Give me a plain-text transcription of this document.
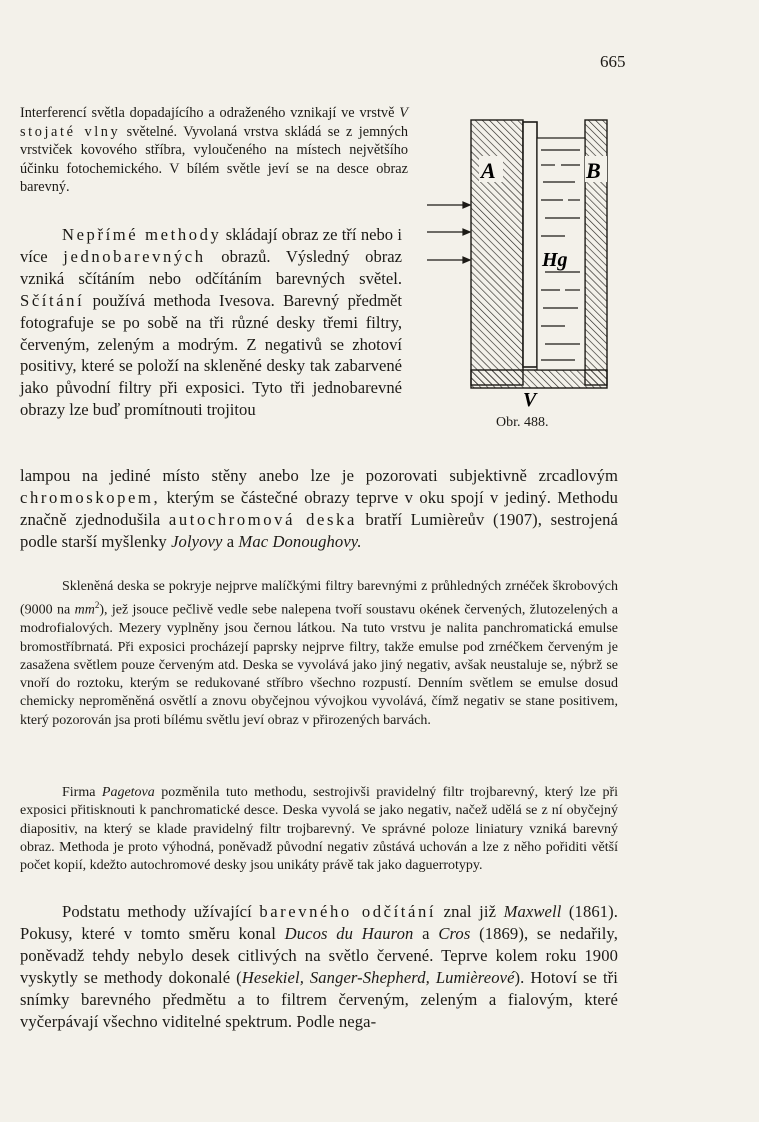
665
A	B
Hg
V
Obr. 488.

Interferencí světla dopadajícího a odraženého vznikají ve vrstvě V stojaté vlny světelné. Vyvolaná vrstva skládá se z jemných vrstviček kovového stříbra, vyloučeného na místech největšího účinku fotochemického. V bílém světle jeví se na desce obraz barevný.

Nepřímé methody skládají obraz ze tří nebo i více jednobarevných obrazů. Výsledný obraz vzniká sčítáním nebo odčítáním barevných světel. Sčítání používá methoda Ivesova. Barevný předmět fotografuje se po sobě na tři různé desky třemi filtry, červeným, zeleným a modrým. Z negativů se zhotoví positivy, které se položí na skleněné desky tak zabarvené jako původní filtry při exposici. Tyto tři jednobarevné obrazy lze buď promítnouti trojitou

lampou na jediné místo stěny anebo lze je pozorovati subjektivně zrcadlovým chromoskopem, kterým se částečné obrazy teprve v oku spojí v jediný. Methodu značně zjednodušila autochromová deska bratří Lumièreův (1907), sestrojená podle starší myšlenky Jolyovy a Mac Donoughovy.

Skleněná deska se pokryje nejprve malíčkými filtry barevnými z průhledných zrnéček škrobových (9000 na $mm^2$), jež jsouce pečlivě vedle sebe nalepena tvoří soustavu okének červených, žlutozelených a modrofialových. Mezery vyplněny jsou černou látkou. Na tuto vrstvu je nalita panchromatická emulse bromostříbrnatá. Při exposici procházejí paprsky nejprve filtry, takže emulse pod zrnéčkem červeným je zasažena světlem pouze červeným atd. Deska se vyvolává jako jiný negativ, avšak neustaluje se, nýbrž se vnoří do roztoku, kterým se redukované stříbro všechno rozpustí. Denním světlem se emulse dosud chemicky neproměněná osvětlí a znovu obyčejnou vývojkou vyvolává, čímž negativ se stane positivem, který pozorován jsa proti bílému světlu jeví obraz v přirozených barvách.

Firma Pagetova pozměnila tuto methodu, sestrojivši pravidelný filtr trojbarevný, který lze při exposici přitisknouti k panchromatické desce. Deska vyvolá se jako negativ, načež udělá se z ní obyčejný diapositiv, na který se klade pravidelný filtr trojbarevný. Ve správné poloze liniatury vzniká barevný obraz. Methoda je proto výhodná, poněvadž původní negativ zůstává uchován a lze z něho pořiditi větší počet kopií, kdežto autochromové desky jsou unikáty právě tak jako daguerrotypy.

Podstatu methody užívající barevného odčítání znal již Maxwell (1861). Pokusy, které v tomto směru konal Ducos du Hauron a Cros (1869), se nedařily, poněvadž tehdy nebylo desek citlivých na světlo červené. Teprve kolem roku 1900 vyskytly se methody dokonalé (Hesekiel, Sanger-Shepherd, Lumièreové). Hotoví se tři snímky barevného předmětu a to filtrem červeným, zeleným a fialovým, které vyčerpávají všechno viditelné spektrum. Podle nega-
